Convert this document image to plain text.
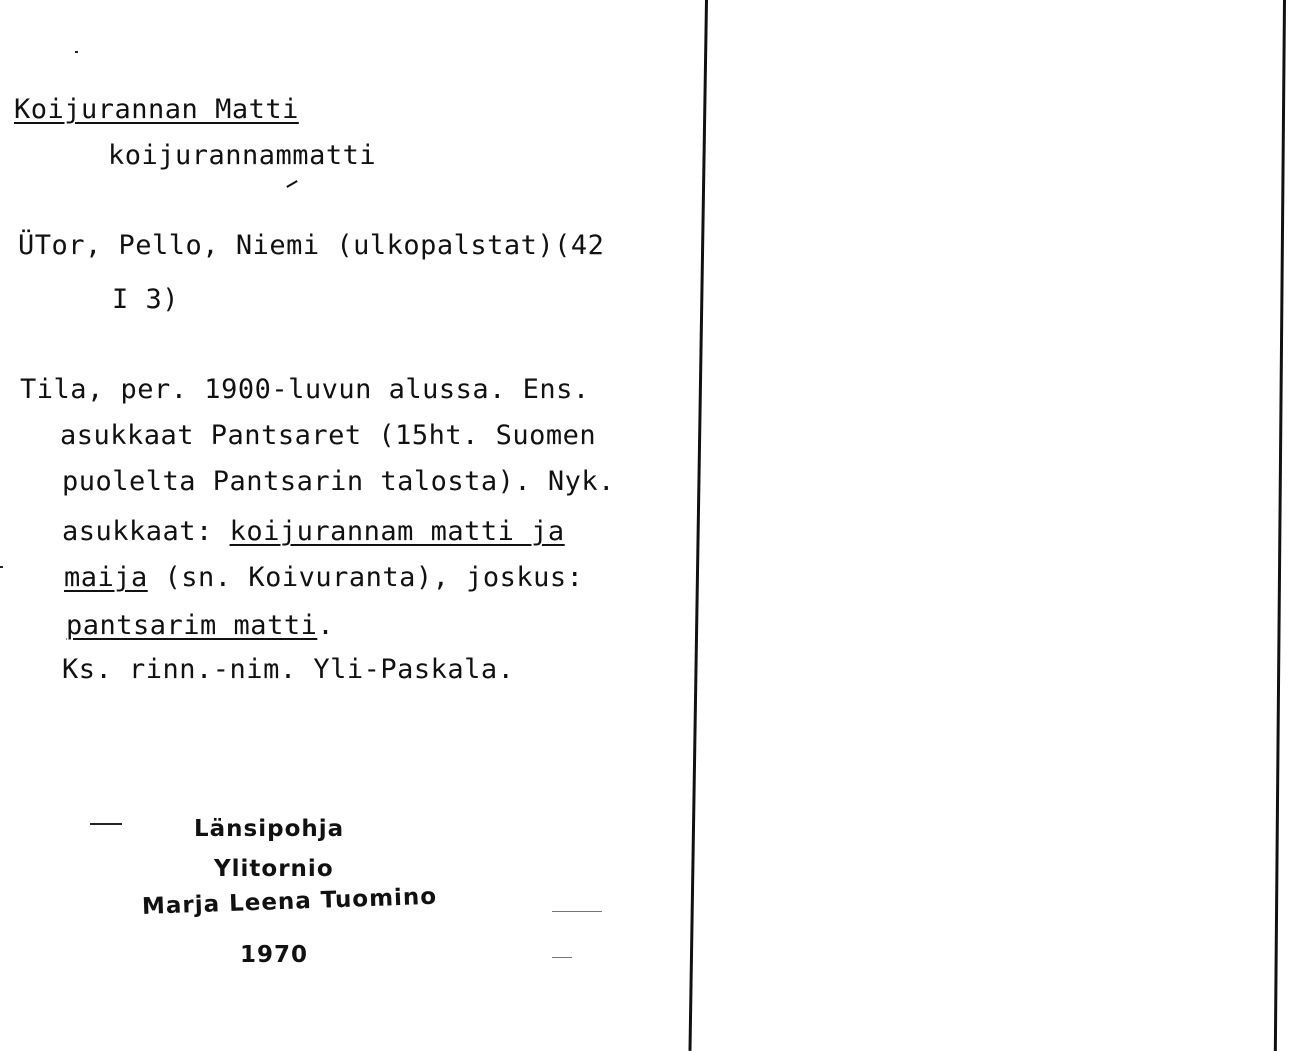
Koijurannan Matti
koijurannammatti
ÜTor, Pello, Niemi (ulkopalstat)(42
I 3)
Tila, per. 1900-luvun alussa. Ens.
asukkaat Pantsaret (15ht. Suomen
puolelta Pantsarin talosta). Nyk.
asukkaat: koijurannam matti ja
maija (sn. Koivuranta), joskus:
pantsarim matti.
Ks. rinn.-nim. Yli-Paskala.
Länsipohja
Ylitornio
Marja Leena Tuomino
1970
